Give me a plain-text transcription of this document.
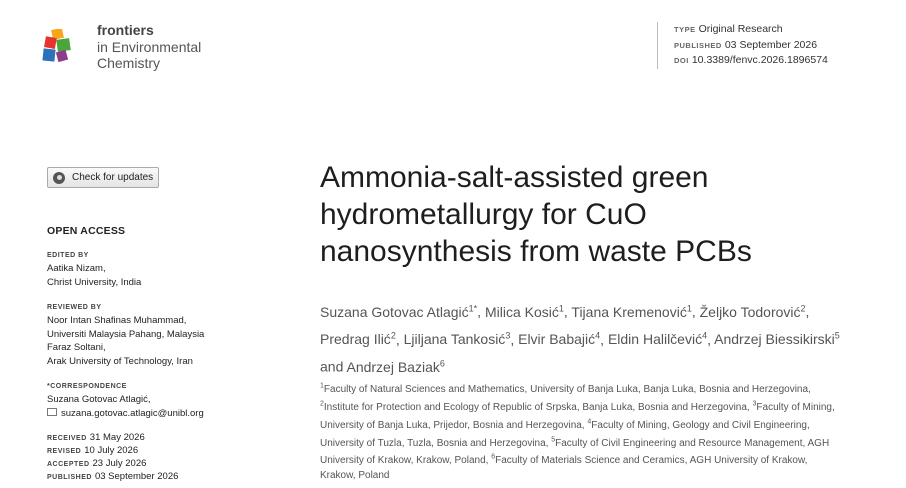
frontiers
in Environmental
Chemistry
TYPE Original Research
PUBLISHED 03 September 2026
DOI 10.3389/fenvc.2026.1896574
Check for updates
OPEN ACCESS
EDITED BY
Aatika Nizam,
Christ University, India
REVIEWED BY
Noor Intan Shafinas Muhammad,
Universiti Malaysia Pahang, Malaysia
Faraz Soltani,
Arak University of Technology, Iran
*CORRESPONDENCE
Suzana Gotovac Atlagić,
suzana.gotovac.atlagic@unibl.org
RECEIVED 31 May 2026
REVISED 10 July 2026
ACCEPTED 23 July 2026
PUBLISHED 03 September 2026
Ammonia-salt-assisted green hydrometallurgy for CuO nanosynthesis from waste PCBs
Suzana Gotovac Atlagić$^{1*}$, Milica Kosić$^1$, Tijana Kremenović$^1$, Željko Todorović$^2$, Predrag Ilić$^2$, Ljiljana Tankosić$^3$, Elvir Babajić$^4$, Eldin Halilčević$^4$, Andrzej Biessikirski$^5$ and Andrzej Baziak$^6$
$^1$Faculty of Natural Sciences and Mathematics, University of Banja Luka, Banja Luka, Bosnia and Herzegovina, $^2$Institute for Protection and Ecology of Republic of Srpska, Banja Luka, Bosnia and Herzegovina, $^3$Faculty of Mining, University of Banja Luka, Prijedor, Bosnia and Herzegovina, $^4$Faculty of Mining, Geology and Civil Engineering, University of Tuzla, Tuzla, Bosnia and Herzegovina, $^5$Faculty of Civil Engineering and Resource Management, AGH University of Krakow, Krakow, Poland, $^6$Faculty of Materials Science and Ceramics, AGH University of Krakow, Krakow, Poland
